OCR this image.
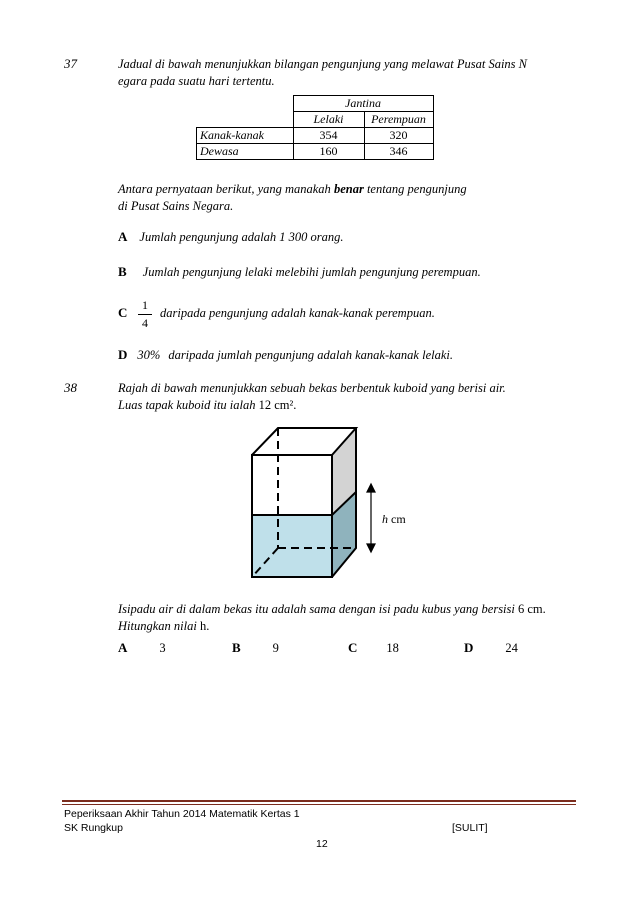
37	Jadual di bawah menunjukkan bilangan pengunjung yang melawat Pusat Sains N
egara pada suatu hari tertentu.
	Jantina	
	Lelaki	Perempuan
Kanak-kanak	354	320
Dewasa	160	346
Antara pernyataan berikut, yang manakah benar tentang pengunjung
di Pusat Sains Negara.
A Jumlah pengunjung adalah 1 300 orang.
B Jumlah pengunjung lelaki melebihi jumlah pengunjung perempuan.
C	1
4
daripada pengunjung adalah kanak-kanak perempuan.
D 30% daripada jumlah pengunjung adalah kanak-kanak lelaki.
38	Rajah di bawah menunjukkan sebuah bekas berbentuk kuboid yang berisi air.
Luas tapak kuboid itu ialah 12 cm².
h cm
Isipadu air di dalam bekas itu adalah sama dengan isi padu kubus yang bersisi 6 cm.
Hitungkan nilai h.
A	3	B	9	C 18	D	24
Peperiksaan Akhir Tahun 2014 Matematik Kertas 1
SK Rungkup	[SULIT]
12
